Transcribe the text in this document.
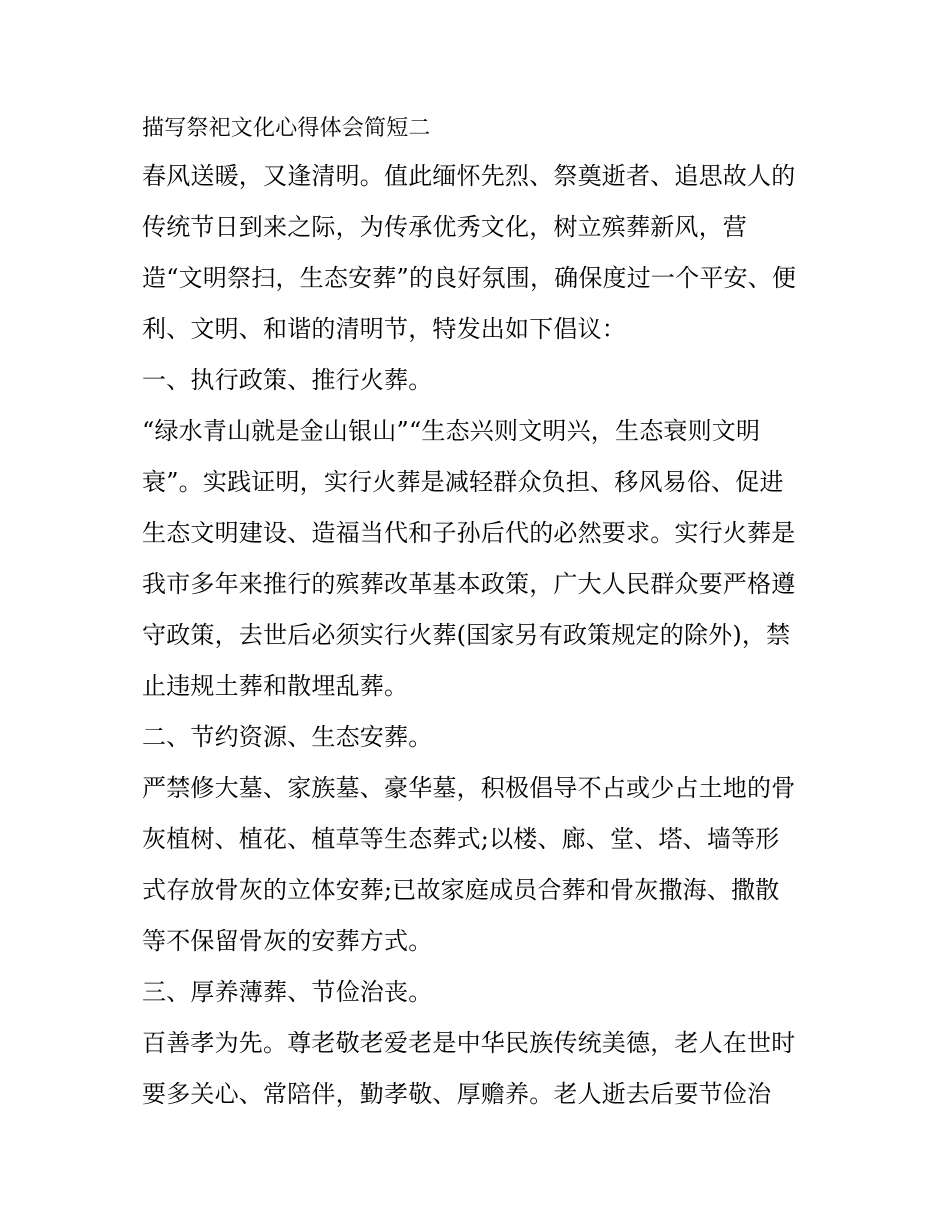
描写祭祀文化心得体会简短二
春风送暖，又逢清明。值此缅怀先烈、祭奠逝者、追思故人的
传统节日到来之际，为传承优秀文化，树立殡葬新风，营
造“文明祭扫，生态安葬”的良好氛围，确保度过一个平安、便
利、文明、和谐的清明节，特发出如下倡议：
一、执行政策、推行火葬。
“绿水青山就是金山银山”“生态兴则文明兴，生态衰则文明
衰”。实践证明，实行火葬是减轻群众负担、移风易俗、促进
生态文明建设、造福当代和子孙后代的必然要求。实行火葬是
我市多年来推行的殡葬改革基本政策，广大人民群众要严格遵
守政策，去世后必须实行火葬(国家另有政策规定的除外)，禁
止违规土葬和散埋乱葬。
二、节约资源、生态安葬。
严禁修大墓、家族墓、豪华墓，积极倡导不占或少占土地的骨
灰植树、植花、植草等生态葬式;以楼、廊、堂、塔、墙等形
式存放骨灰的立体安葬;已故家庭成员合葬和骨灰撒海、撒散
等不保留骨灰的安葬方式。
三、厚养薄葬、节俭治丧。
百善孝为先。尊老敬老爱老是中华民族传统美德，老人在世时
要多关心、常陪伴，勤孝敬、厚赡养。老人逝去后要节俭治
